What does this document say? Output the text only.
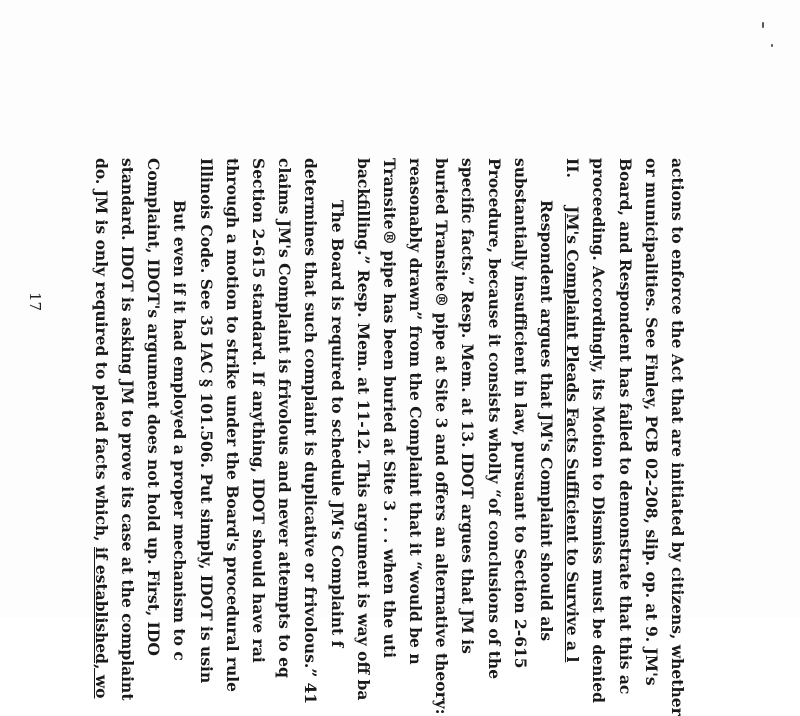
actions to enforce the Act that are initiated by citizens, whether
or municipalities. See Finley, PCB 02-208, slip. op. at 9. JM's
Board, and Respondent has failed to demonstrate that this ac
proceeding. Accordingly, its Motion to Dismiss must be denied
II.JM's Complaint Pleads Facts Sufficient to Survive a l
Respondent argues that JM's Complaint should als
substantially insufficient in law, pursuant to Section 2-615
Procedure, because it consists wholly “of conclusions of the
specific facts.” Resp. Mem. at 13. IDOT argues that JM is
buried Transite® pipe at Site 3 and offers an alternative theory:
reasonably drawn” from the Complaint that it “would be n
Transite® pipe has been buried at Site 3 . . . when the uti
backfilling.” Resp. Mem. at 11-12. This argument is way off ba
The Board is required to schedule JM's Complaint f
determines that such complaint is duplicative or frivolous.” 41
claims JM's Complaint is frivolous and never attempts to eq
Section 2-615 standard. If anything, IDOT should have rai
through a motion to strike under the Board's procedural rule
Illinois Code. See 35 IAC § 101.506. Put simply, IDOT is usin
But even if it had employed a proper mechanism to c
Complaint, IDOT's argument does not hold up. First, IDO
standard. IDOT is asking JM to prove its case at the complaint
do. JM is only required to plead facts which, if established, wo
17
